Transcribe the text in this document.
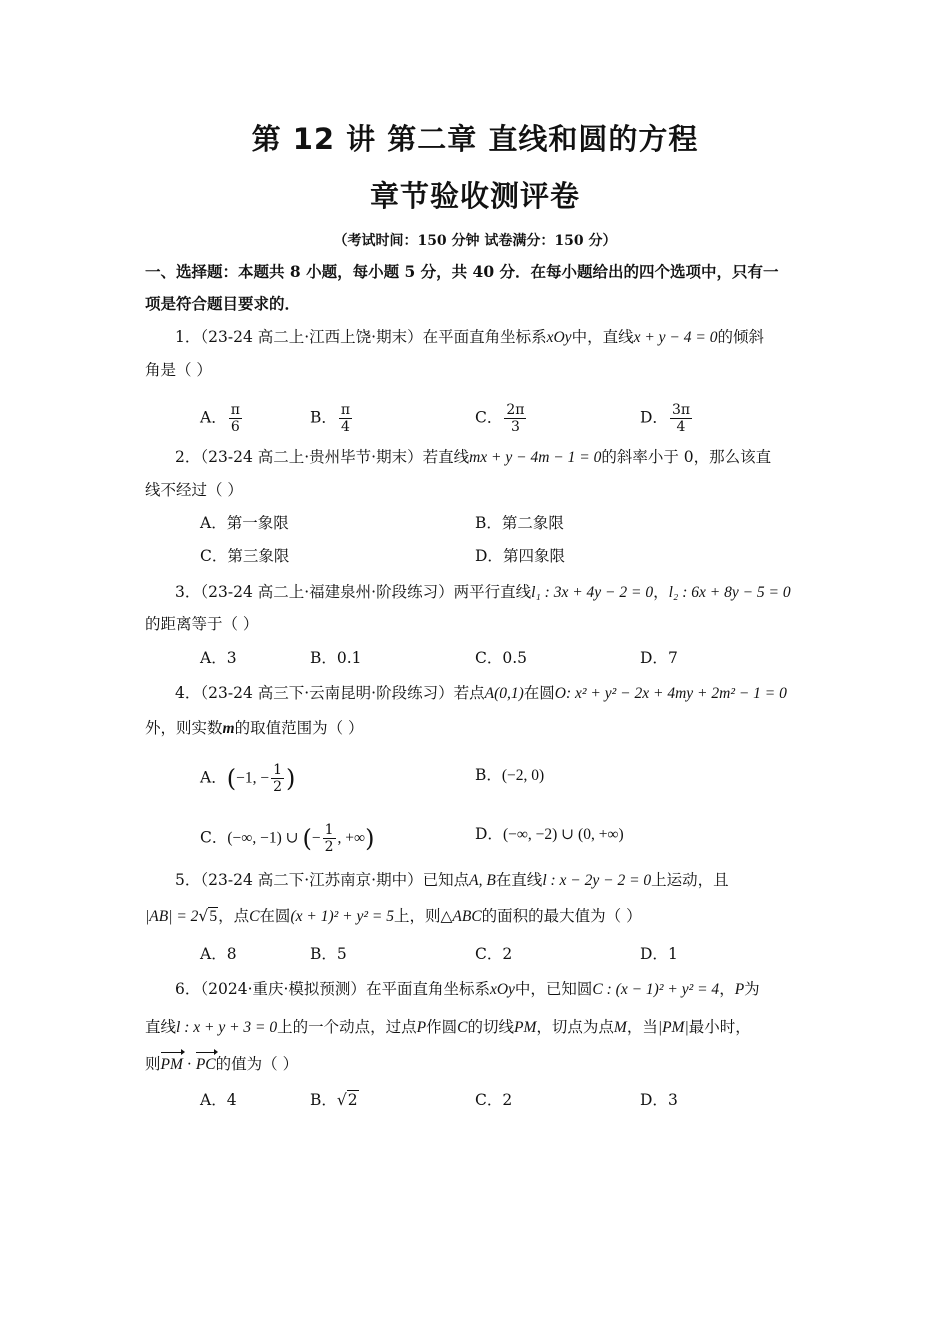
第 12 讲 第二章 直线和圆的方程
章节验收测评卷
（考试时间：150 分钟 试卷满分：150 分）
一、选择题：本题共 8 小题，每小题 5 分，共 40 分．在每小题给出的四个选项中，只有一
项是符合题目要求的．
1．（23-24 高二上·江西上饶·期末）在平面直角坐标系xOy中，直线x + y − 4 = 0的倾斜
角是（ ）
A． $\frac{\pi}{6}$	B． $\frac{\pi}{4}$	C． $\frac{2\pi}{3}$	D． $\frac{3\pi}{4}$
2．（23-24 高二上·贵州毕节·期末）若直线mx + y − 4m − 1 = 0的斜率小于 0，那么该直
线不经过（ ）
A．第一象限	B．第二象限
C．第三象限	D．第四象限
3．（23-24 高二上·福建泉州·阶段练习）两平行直线l₁ : 3x + 4y − 2 = 0，l₂ : 6x + 8y − 5 = 0
的距离等于（ ）
A．3	B．0.1	C．0.5	D．7
4．（23-24 高三下·云南昆明·阶段练习）若点A(0,1)在圆O: x² + y² − 2x + 4my + 2m² − 1 = 0
外，则实数m的取值范围为（ ）
A．(−1, − $\frac{1}{2}$ )	B．(−2, 0)
C．(−∞, −1) ∪ (− $\frac{1}{2}$ , +∞)	D．(−∞, −2) ∪ (0, +∞)
5．（23-24 高二下·江苏南京·期中）已知点A, B在直线l : x − 2y − 2 = 0上运动，且
|AB| = 2√5，点C在圆(x + 1)² + y² = 5上，则△ABC的面积的最大值为（ ）
A．8	B．5	C．2	D．1
6．（2024·重庆·模拟预测）在平面直角坐标系xOy中，已知圆C : (x − 1)² + y² = 4，P为
直线l : x + y + 3 = 0上的一个动点，过点P作圆C的切线PM，切点为点M，当|PM|最小时，
则PM · PC的值为（ ）
A．4	B．√2	C．2	D．3
